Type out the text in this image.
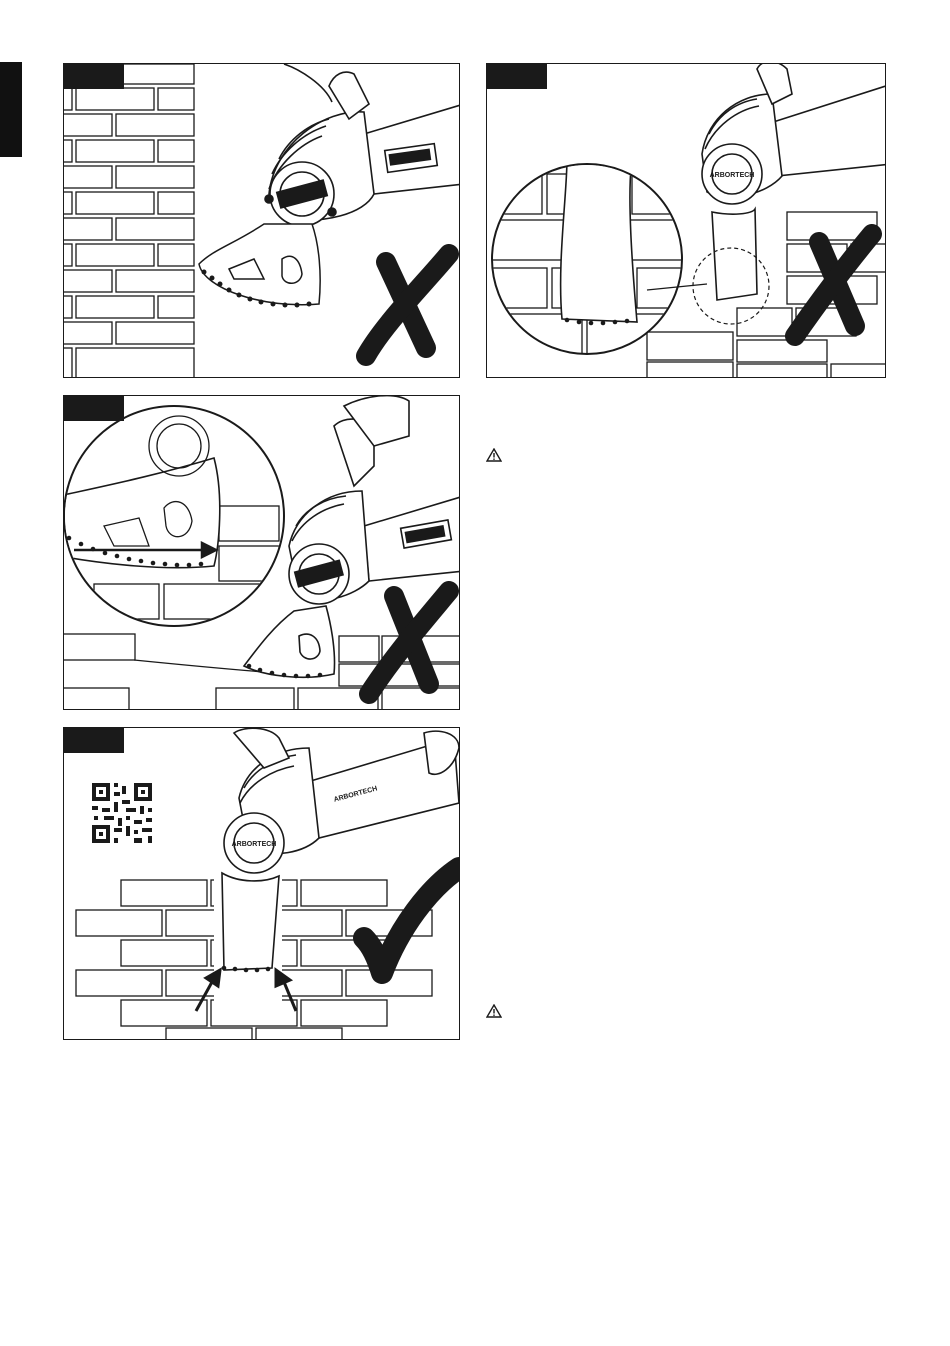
ARBORTECH
ARBORTECH
ARBORTECH
